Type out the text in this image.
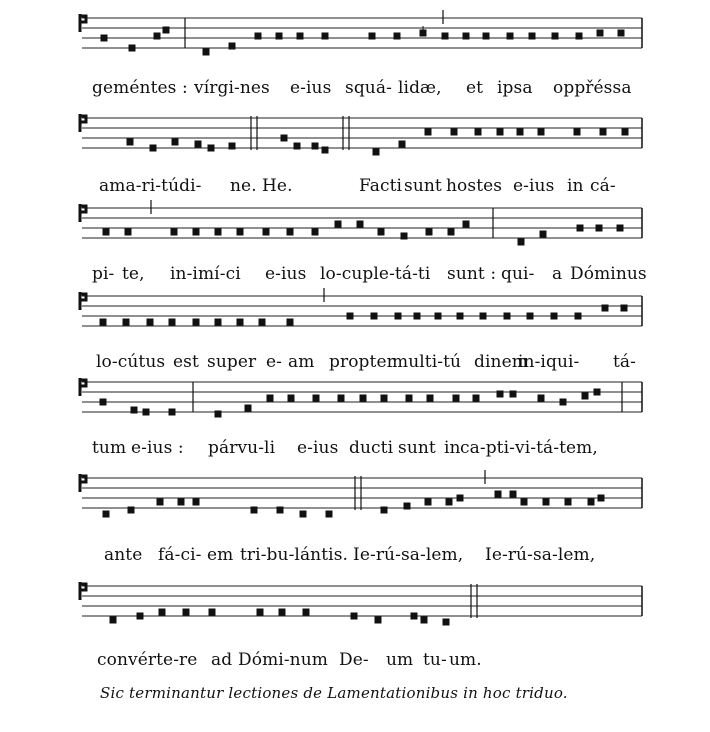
geméntes : vírgi-nes e-ius squá- lidæ, et ipsa oppřéssa
ama-ri-túdi- ne. He.	Facti sunt hostes e-ius in cá-
pi- te, in-imí-ci e-ius lo-cuple-tá-ti sunt : qui- a Dóminus
lo-cútus est super e- am propter
multi-tú dinem
in-iqui- tá-
tum e-ius : párvu-li e-ius ducti sunt in ca-pti-vi-tá-tem,
ante fá-ci- em tri-bu-lántis. Ie-rú-sa-lem, Ie-rú-sa-lem,
convérte-re ad Dómi-num De- um tu- um.
Sic terminantur lectiones de Lamentationibus in hoc triduo.
